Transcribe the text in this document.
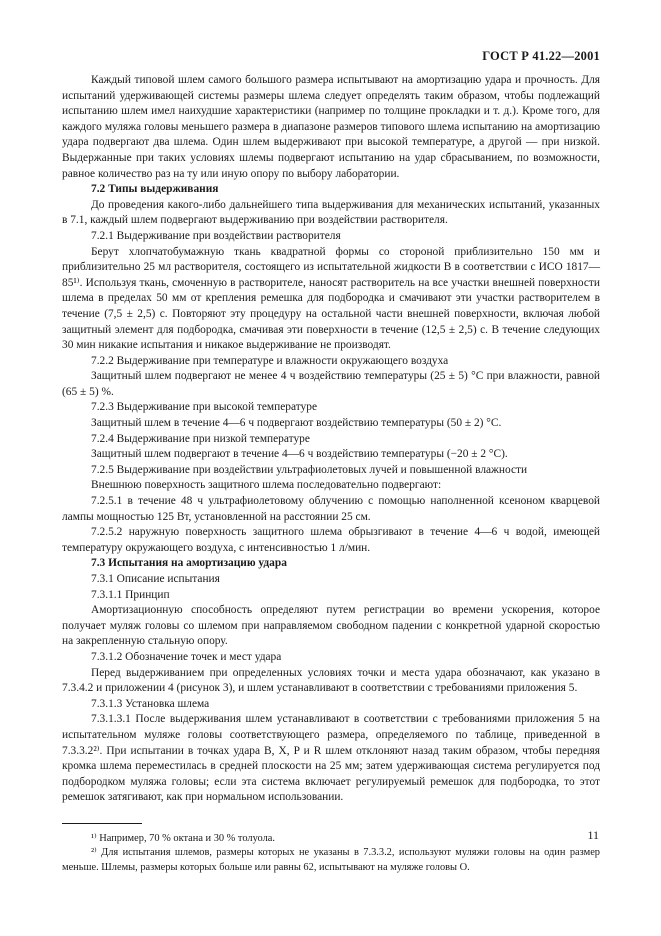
ГОСТ Р 41.22—2001

Каждый типовой шлем самого большого размера испытывают на амортизацию удара и прочность. Для испытаний удерживающей системы размеры шлема следует определять таким образом, чтобы подлежащий испытанию шлем имел наихудшие характеристики (например по толщине прокладки и т. д.). Кроме того, для каждого муляжа головы меньшего размера в диапазоне размеров типового шлема испытанию на амортизацию удара подвергают два шлема. Один шлем выдерживают при высокой температуре, а другой — при низкой. Выдержанные при таких условиях шлемы подвергают испытанию на удар сбрасыванием, по возможности, равное количество раз на ту или иную опору по выбору лаборатории.

7.2 Типы выдерживания

До проведения какого-либо дальнейшего типа выдерживания для механических испытаний, указанных в 7.1, каждый шлем подвергают выдерживанию при воздействии растворителя.

7.2.1 Выдерживание при воздействии растворителя

Берут хлопчатобумажную ткань квадратной формы со стороной приблизительно 150 мм и приблизительно 25 мл растворителя, состоящего из испытательной жидкости В в соответствии с ИСО 1817—85¹⁾. Используя ткань, смоченную в растворителе, наносят растворитель на все участки внешней поверхности шлема в пределах 50 мм от крепления ремешка для подбородка и смачивают эти участки растворителем в течение (7,5 ± 2,5) с. Повторяют эту процедуру на остальной части внешней поверхности, включая любой защитный элемент для подбородка, смачивая эти поверхности в течение (12,5 ± 2,5) с. В течение следующих 30 мин никакие испытания и никакое выдерживание не производят.

7.2.2 Выдерживание при температуре и влажности окружающего воздуха

Защитный шлем подвергают не менее 4 ч воздействию температуры (25 ± 5) °С при влажности, равной (65 ± 5) %.

7.2.3 Выдерживание при высокой температуре

Защитный шлем в течение 4—6 ч подвергают воздействию температуры (50 ± 2) °С.

7.2.4 Выдерживание при низкой температуре

Защитный шлем подвергают в течение 4—6 ч воздействию температуры (−20 ± 2 °С).

7.2.5 Выдерживание при воздействии ультрафиолетовых лучей и повышенной влажности

Внешнюю поверхность защитного шлема последовательно подвергают:

7.2.5.1 в течение 48 ч ультрафиолетовому облучению с помощью наполненной ксеноном кварцевой лампы мощностью 125 Вт, установленной на расстоянии 25 см.

7.2.5.2 наружную поверхность защитного шлема обрызгивают в течение 4—6 ч водой, имеющей температуру окружающего воздуха, с интенсивностью 1 л/мин.

7.3 Испытания на амортизацию удара

7.3.1 Описание испытания

7.3.1.1 Принцип

Амортизационную способность определяют путем регистрации во времени ускорения, которое получает муляж головы со шлемом при направляемом свободном падении с конкретной ударной скоростью на закрепленную стальную опору.

7.3.1.2 Обозначение точек и мест удара

Перед выдерживанием при определенных условиях точки и места удара обозначают, как указано в 7.3.4.2 и приложении 4 (рисунок 3), и шлем устанавливают в соответствии с требованиями приложения 5.

7.3.1.3 Установка шлема

7.3.1.3.1 После выдерживания шлем устанавливают в соответствии с требованиями приложения 5 на испытательном муляже головы соответствующего размера, определяемого по таблице, приведенной в 7.3.3.2²⁾. При испытании в точках удара B, X, P и R шлем отклоняют назад таким образом, чтобы передняя кромка шлема переместилась в средней плоскости на 25 мм; затем удерживающая система регулируется под подбородком муляжа головы; если эта система включает регулируемый ремешок для подбородка, то этот ремешок затягивают, как при нормальном использовании.

¹⁾ Например, 70 % октана и 30 % толуола.

²⁾ Для испытания шлемов, размеры которых не указаны в 7.3.3.2, используют муляжи головы на один размер меньше. Шлемы, размеры которых больше или равны 62, испытывают на муляже головы О.

11
